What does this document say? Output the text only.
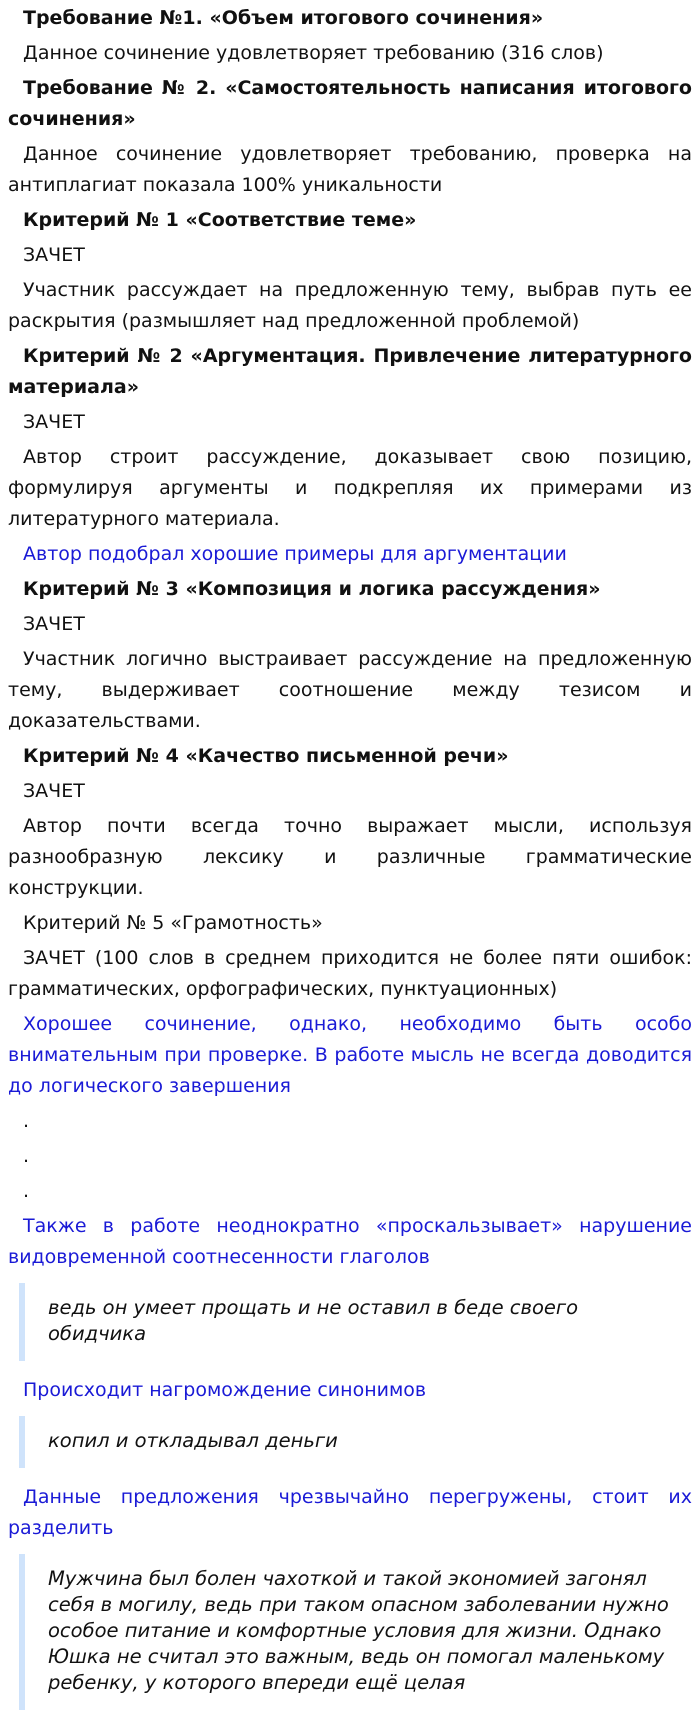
Требование №1. «Объем итогового сочинения»

Данное сочинение удовлетворяет требованию (316 слов)

Требование № 2. «Самостоятельность написания итогового сочинения»

Данное сочинение удовлетворяет требованию, проверка на антиплагиат показала 100% уникальности

Критерий № 1 «Соответствие теме»

ЗАЧЕТ

Участник рассуждает на предложенную тему, выбрав путь ее раскрытия (размышляет над предложенной проблемой)

Критерий № 2 «Аргументация. Привлечение литературного материала»

ЗАЧЕТ

Автор строит рассуждение, доказывает свою позицию, формулируя аргументы и подкрепляя их примерами из литературного материала.

Автор подобрал хорошие примеры для аргументации

Критерий № 3 «Композиция и логика рассуждения»

ЗАЧЕТ

Участник логично выстраивает рассуждение на предложенную тему, выдерживает соотношение между тезисом и доказательствами.

Критерий № 4 «Качество письменной речи»

ЗАЧЕТ

Автор почти всегда точно выражает мысли, используя разнообразную лексику и различные грамматические конструкции.

Критерий № 5 «Грамотность»

ЗАЧЕТ (100 слов в среднем приходится не более пяти ошибок: грамматических, орфографических, пунктуационных)

Хорошее сочинение, однако, необходимо быть особо внимательным при проверке. В работе мысль не всегда доводится до логического завершения

.

.

.

Также в работе неоднократно «проскальзывает» нарушение видовременной соотнесенности глаголов

ведь он умеет прощать и не оставил в беде своего обидчика

Происходит нагромождение синонимов

копил и откладывал деньги

Данные предложения чрезвычайно перегружены, стоит их разделить

Мужчина был болен чахоткой и такой экономией загонял себя в могилу, ведь при таком опасном заболевании нужно особое питание и комфортные условия для жизни. Однако Юшка не считал это важным, ведь он помогал маленькому ребенку, у которого впереди ещё целая
